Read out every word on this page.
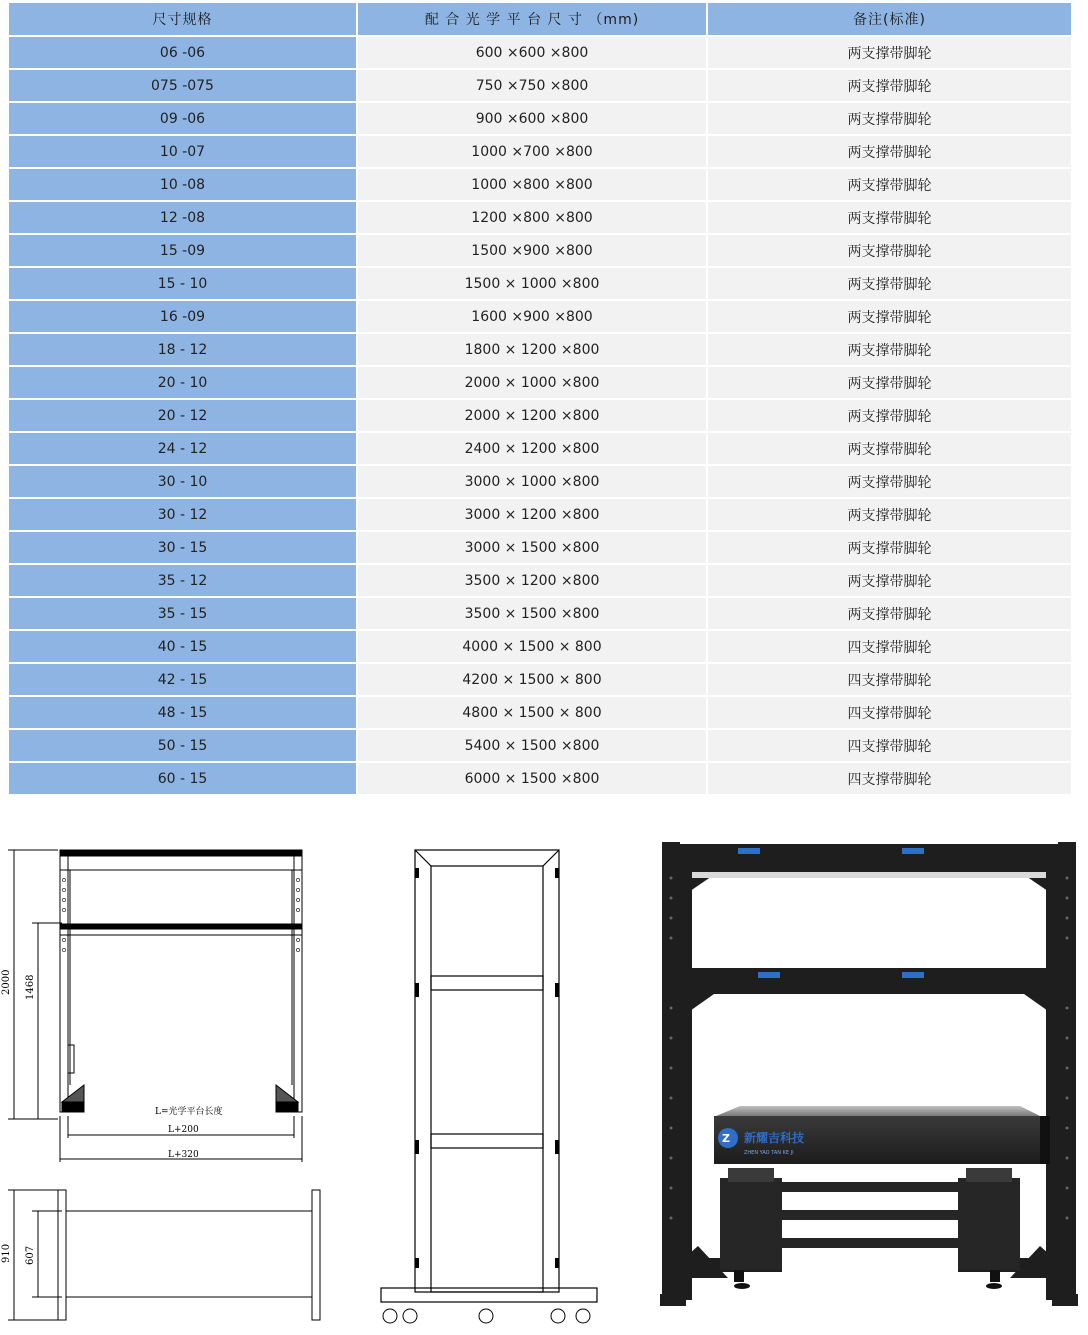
尺寸规格	配 合 光 学 平 台 尺 寸 （mm)	备注(标准)
06 -06	600 ×600 ×800	两支撑带脚轮
075 -075	750 ×750 ×800	两支撑带脚轮
09 -06	900 ×600 ×800	两支撑带脚轮
10 -07	1000 ×700 ×800	两支撑带脚轮
10 -08	1000 ×800 ×800	两支撑带脚轮
12 -08	1200 ×800 ×800	两支撑带脚轮
15 -09	1500 ×900 ×800	两支撑带脚轮
15 - 10	1500 × 1000 ×800	两支撑带脚轮
16 -09	1600 ×900 ×800	两支撑带脚轮
18 - 12	1800 × 1200 ×800	两支撑带脚轮
20 - 10	2000 × 1000 ×800	两支撑带脚轮
20 - 12	2000 × 1200 ×800	两支撑带脚轮
24 - 12	2400 × 1200 ×800	两支撑带脚轮
30 - 10	3000 × 1000 ×800	两支撑带脚轮
30 - 12	3000 × 1200 ×800	两支撑带脚轮
30 - 15	3000 × 1500 ×800	两支撑带脚轮
35 - 12	3500 × 1200 ×800	两支撑带脚轮
35 - 15	3500 × 1500 ×800	两支撑带脚轮
40 - 15	4000 × 1500 × 800	四支撑带脚轮
42 - 15	4200 × 1500 × 800	四支撑带脚轮
48 - 15	4800 × 1500 × 800	四支撑带脚轮
50 - 15	5400 × 1500 ×800	四支撑带脚轮
60 - 15	6000 × 1500 ×800	四支撑带脚轮
2000 1468
L=光学平台长度
L+200
L+320
910 607
Z 新耀吉科技
ZHEN YAO TAN KE JI
